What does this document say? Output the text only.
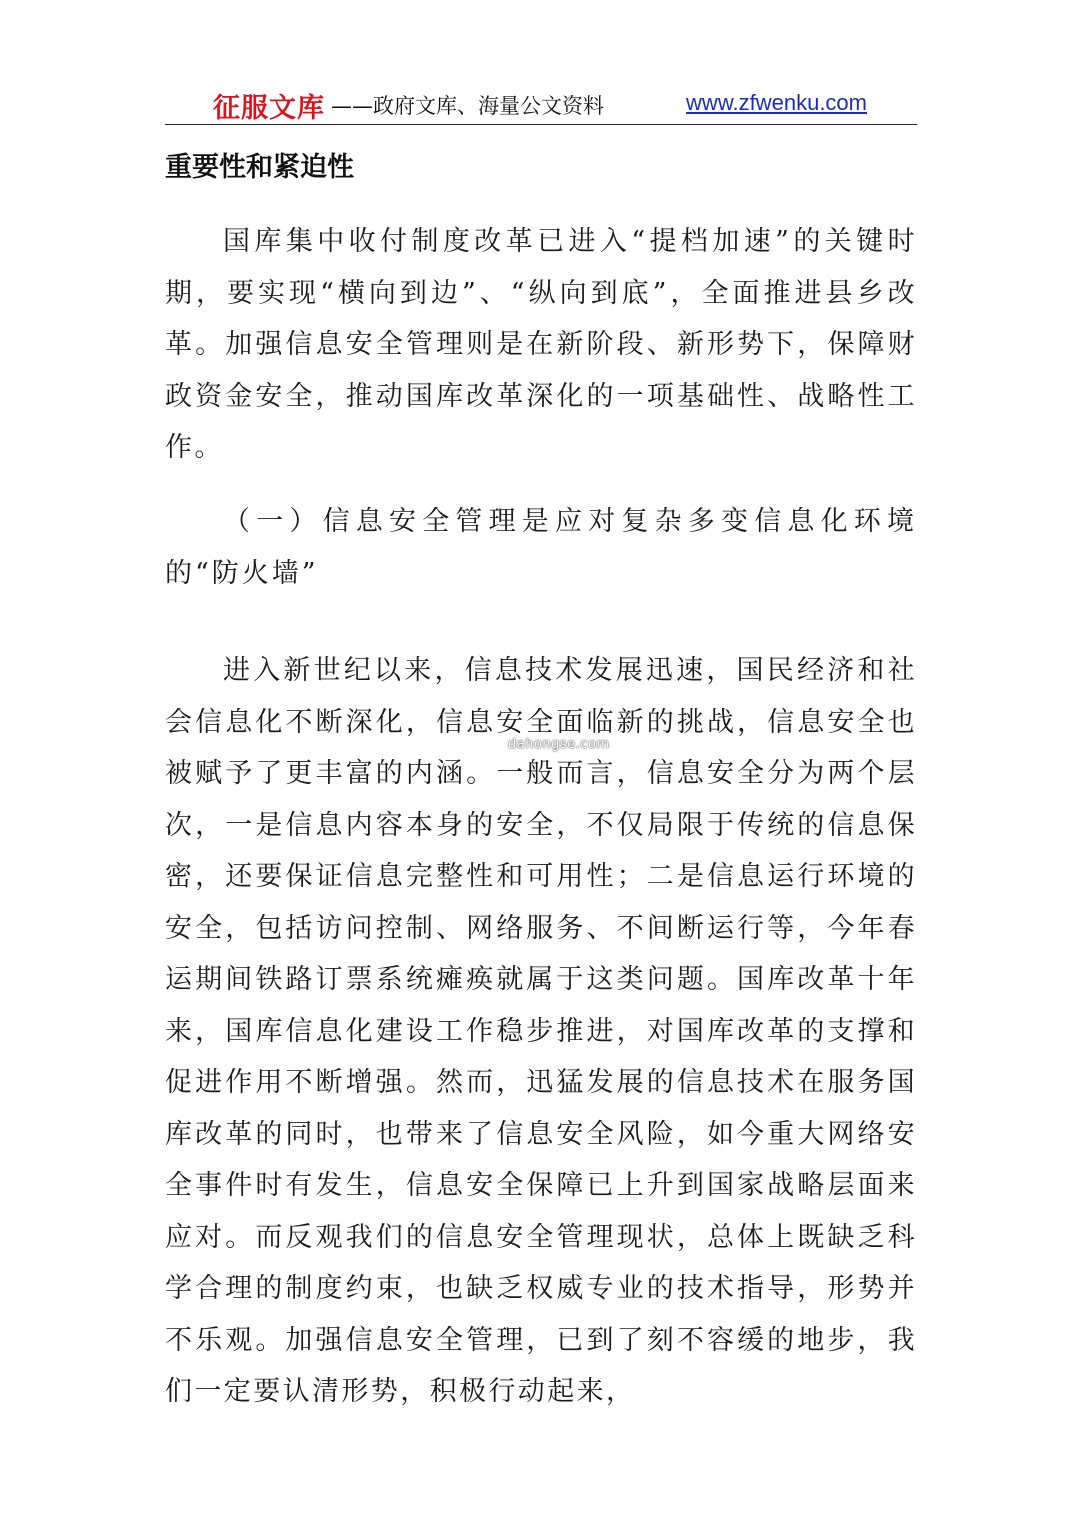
征服文库 ——政府文库、海量公文资料	www.zfwenku.com
重要性和紧迫性

国库集中收付制度改革已进入“提档加速”的关键时期，要实现“横向到边”、“纵向到底”，全面推进县乡改革。加强信息安全管理则是在新阶段、新形势下，保障财政资金安全，推动国库改革深化的一项基础性、战略性工作。

（一）信息安全管理是应对复杂多变信息化环境的“防火墙”

进入新世纪以来，信息技术发展迅速，国民经济和社会信息化不断深化，信息安全面临新的挑战，信息安全也被赋予了更丰富的内涵。一般而言，信息安全分为两个层次，一是信息内容本身的安全，不仅局限于传统的信息保密，还要保证信息完整性和可用性；二是信息运行环境的安全，包括访问控制、网络服务、不间断运行等，今年春运期间铁路订票系统瘫痪就属于这类问题。国库改革十年来，国库信息化建设工作稳步推进，对国库改革的支撑和促进作用不断增强。然而，迅猛发展的信息技术在服务国库改革的同时，也带来了信息安全风险，如今重大网络安全事件时有发生，信息安全保障已上升到国家战略层面来应对。而反观我们的信息安全管理现状，总体上既缺乏科学合理的制度约束，也缺乏权威专业的技术指导，形势并不乐观。加强信息安全管理，已到了刻不容缓的地步，我们一定要认清形势，积极行动起来，

dahongse.com
